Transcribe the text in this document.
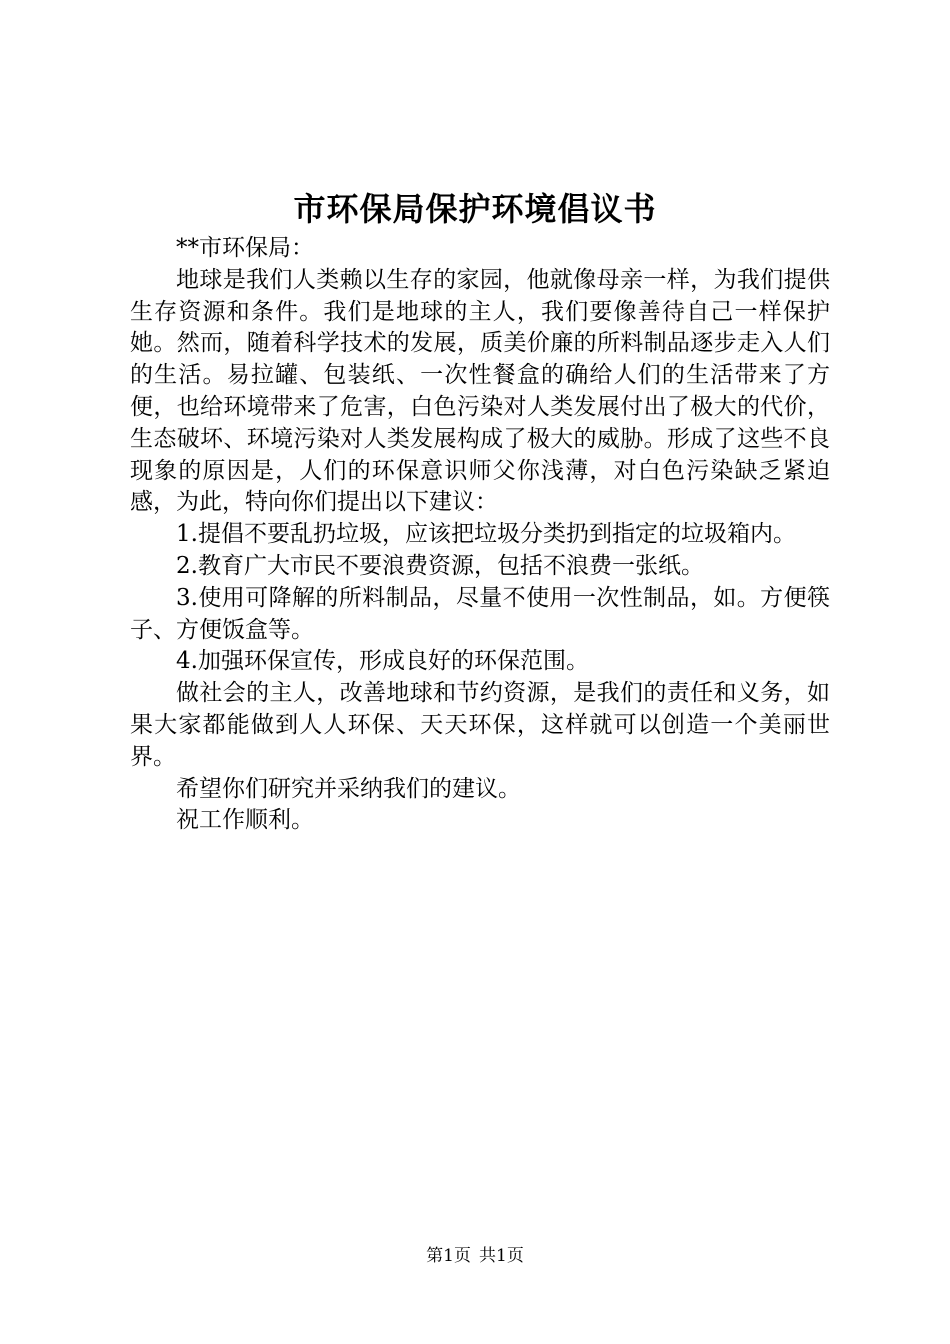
市环保局保护环境倡议书

**市环保局：

地球是我们人类赖以生存的家园，他就像母亲一样，为我们提供生存资源和条件。我们是地球的主人，我们要像善待自己一样保护她。然而，随着科学技术的发展，质美价廉的所料制品逐步走入人们的生活。易拉罐、包装纸、一次性餐盒的确给人们的生活带来了方便，也给环境带来了危害，白色污染对人类发展付出了极大的代价，生态破坏、环境污染对人类发展构成了极大的威胁。形成了这些不良现象的原因是，人们的环保意识师父你浅薄，对白色污染缺乏紧迫感，为此，特向你们提出以下建议：

1.提倡不要乱扔垃圾，应该把垃圾分类扔到指定的垃圾箱内。

2.教育广大市民不要浪费资源，包括不浪费一张纸。

3.使用可降解的所料制品，尽量不使用一次性制品，如。方便筷子、方便饭盒等。

4.加强环保宣传，形成良好的环保范围。

做社会的主人，改善地球和节约资源，是我们的责任和义务，如果大家都能做到人人环保、天天环保，这样就可以创造一个美丽世界。

希望你们研究并采纳我们的建议。

祝工作顺利。

第1页 共1页
